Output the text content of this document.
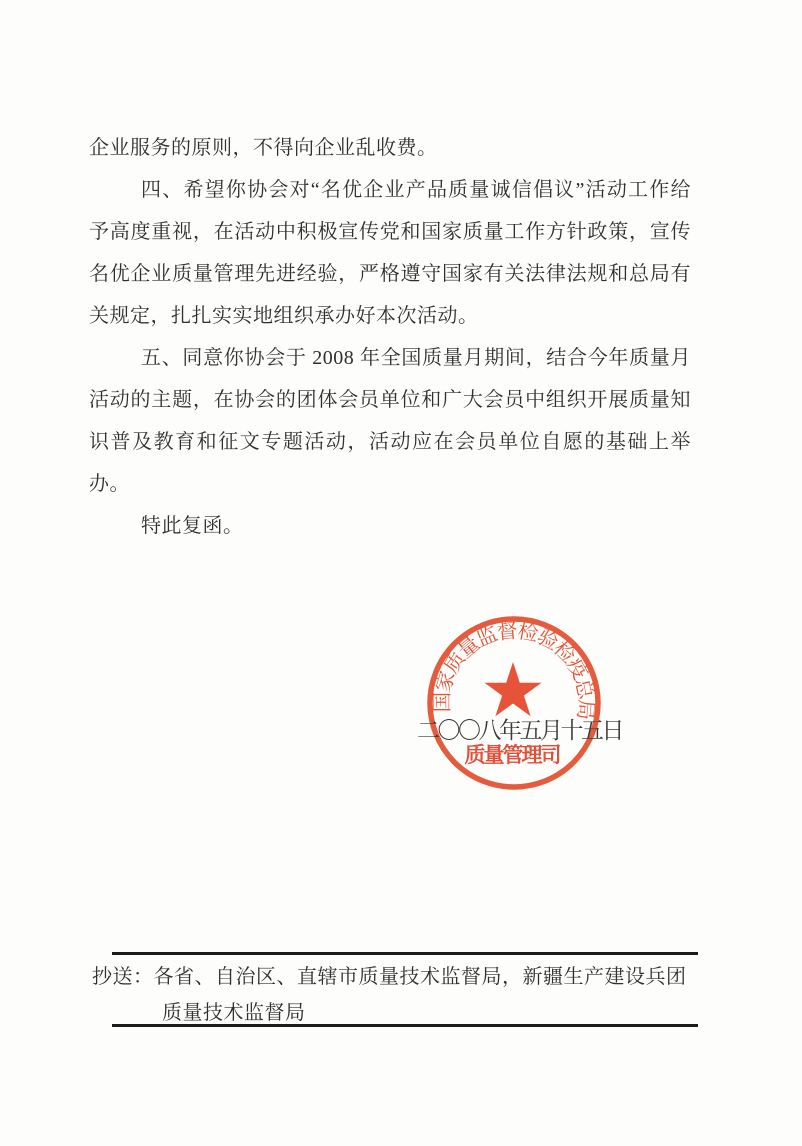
企业服务的原则，不得向企业乱收费。
四、希望你协会对“名优企业产品质量诚信倡议”活动工作给
予高度重视，在活动中积极宣传党和国家质量工作方针政策，宣传
名优企业质量管理先进经验，严格遵守国家有关法律法规和总局有
关规定，扎扎实实地组织承办好本次活动。
五、同意你协会于 2008 年全国质量月期间，结合今年质量月
活动的主题，在协会的团体会员单位和广大会员中组织开展质量知
识普及教育和征文专题活动，活动应在会员单位自愿的基础上举
办。
特此复函。
国家质量监督检验检疫总局
质量管理司
二〇〇八年五月十五日
抄送：各省、自治区、直辖市质量技术监督局，新疆生产建设兵团
质量技术监督局
